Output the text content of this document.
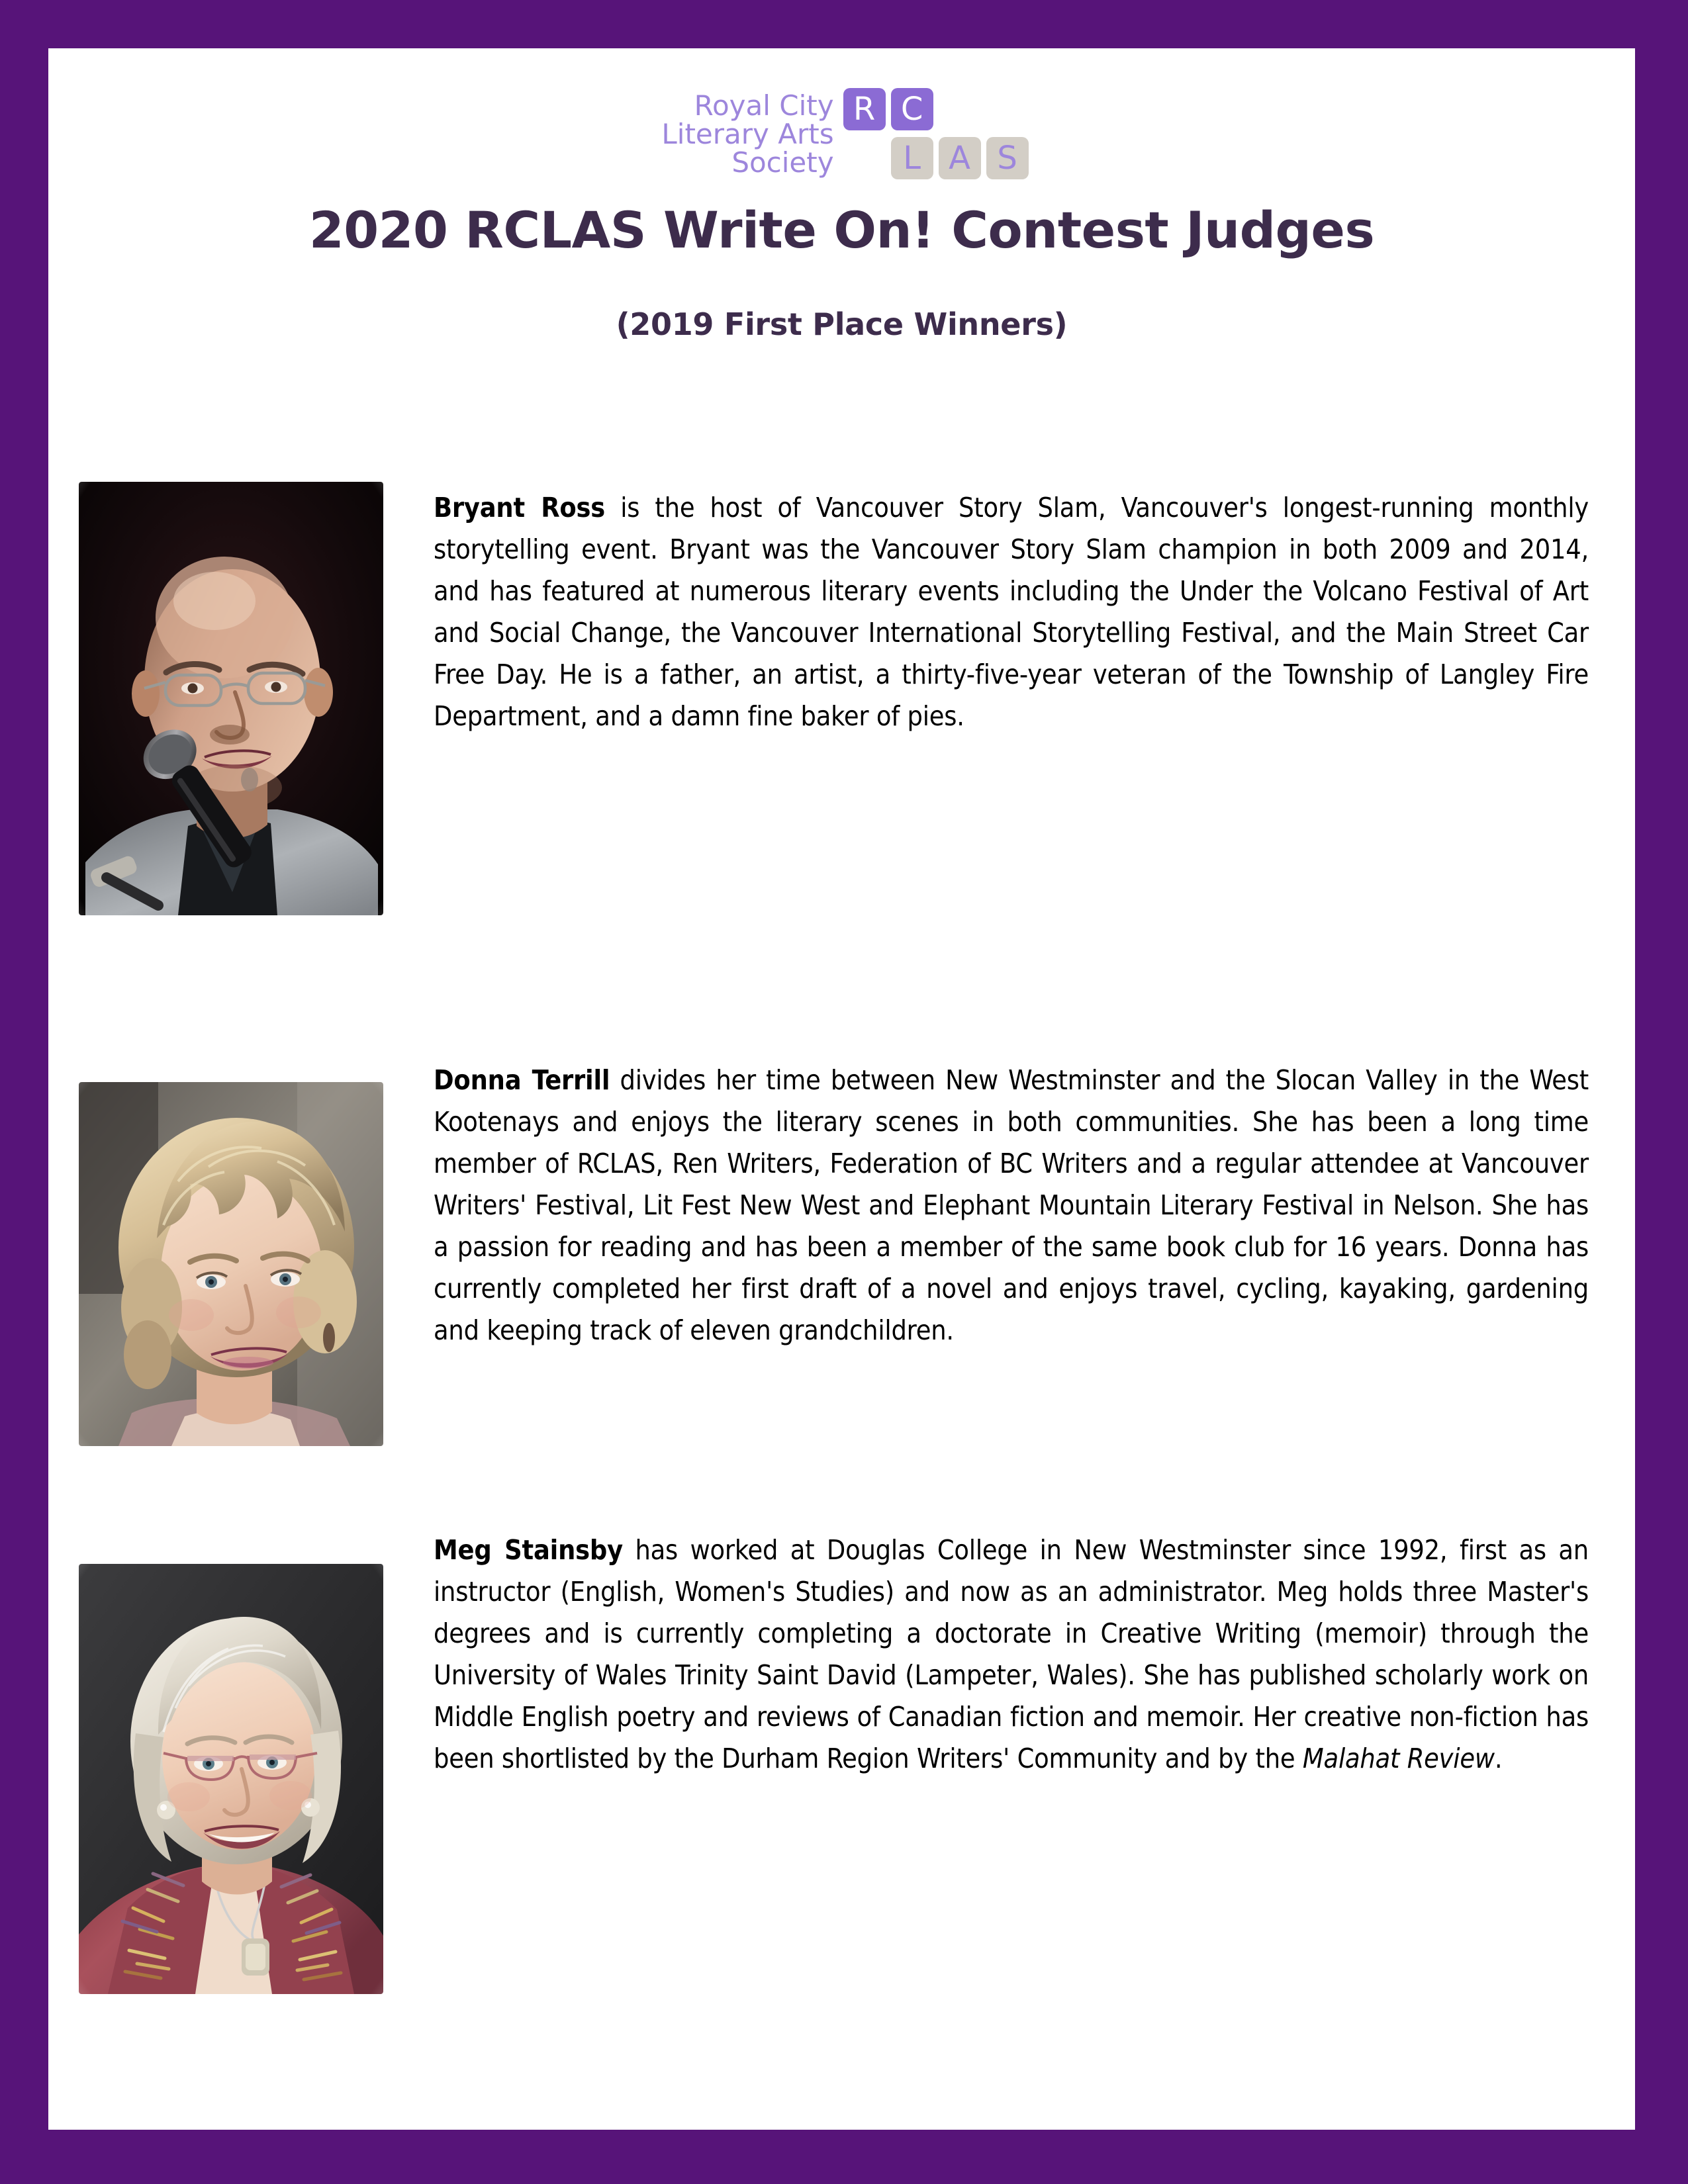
Royal City
Literary Arts
Society
R C
L A S
2020 RCLAS Write On! Contest Judges
(2019 First Place Winners)
Bryant Ross is the host of Vancouver Story Slam, Vancouver's longest-running monthly storytelling event. Bryant was the Vancouver Story Slam champion in both 2009 and 2014, and has featured at numerous literary events including the Under the Volcano Festival of Art and Social Change, the Vancouver International Storytelling Festival, and the Main Street Car Free Day. He is a father, an artist, a thirty-five-year veteran of the Township of Langley Fire Department, and a damn fine baker of pies.
Donna Terrill divides her time between New Westminster and the Slocan Valley in the West Kootenays and enjoys the literary scenes in both communities. She has been a long time member of RCLAS, Ren Writers, Federation of BC Writers and a regular attendee at Vancouver Writers' Festival, Lit Fest New West and Elephant Mountain Literary Festival in Nelson. She has a passion for reading and has been a member of the same book club for 16 years. Donna has currently completed her first draft of a novel and enjoys travel, cycling, kayaking, gardening and keeping track of eleven grandchildren.
Meg Stainsby has worked at Douglas College in New Westminster since 1992, first as an instructor (English, Women's Studies) and now as an administrator. Meg holds three Master's degrees and is currently completing a doctorate in Creative Writing (memoir) through the University of Wales Trinity Saint David (Lampeter, Wales). She has published scholarly work on Middle English poetry and reviews of Canadian fiction and memoir. Her creative non-fiction has been shortlisted by the Durham Region Writers' Community and by the Malahat Review.
